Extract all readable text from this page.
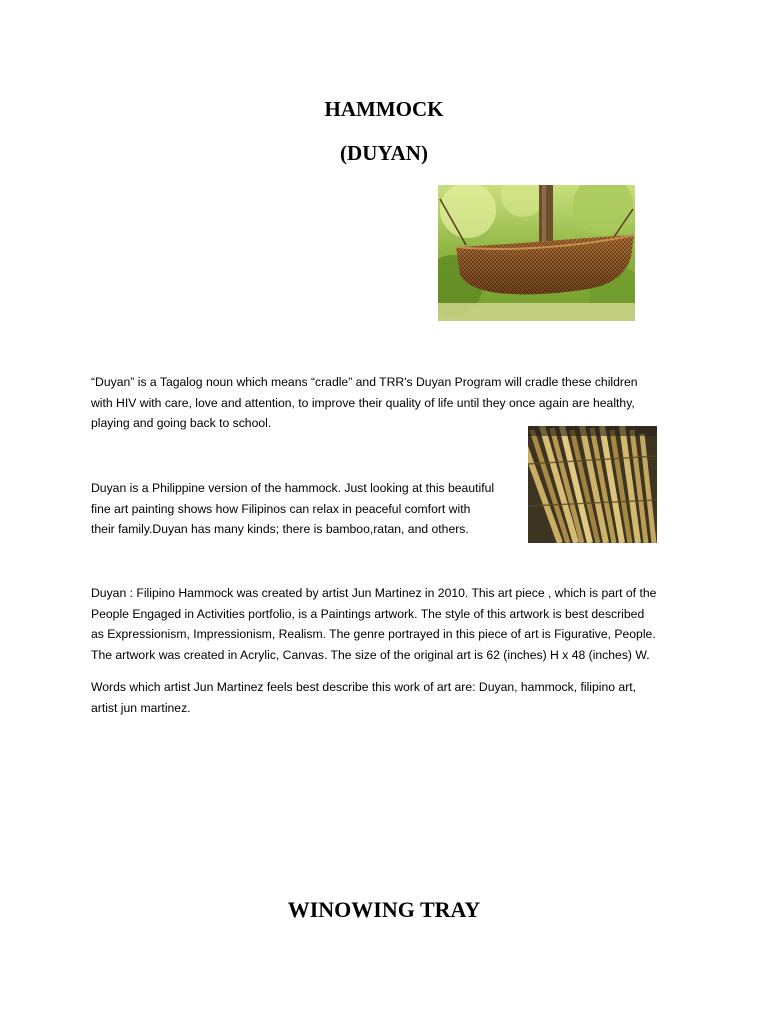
HAMMOCK
(DUYAN)

“Duyan” is a Tagalog noun which means “cradle” and TRR's Duyan Program will cradle these children
with HIV with care, love and attention, to improve their quality of life until they once again are healthy,
playing and going back to school.

Duyan is a Philippine version of the hammock. Just looking at this beautiful
fine art painting shows how Filipinos can relax in peaceful comfort with
their family.Duyan has many kinds; there is bamboo,ratan, and others.

Duyan : Filipino Hammock was created by artist Jun Martinez in 2010. This art piece , which is part of the
People Engaged in Activities portfolio, is a Paintings artwork. The style of this artwork is best described
as Expressionism, Impressionism, Realism. The genre portrayed in this piece of art is Figurative, People.
The artwork was created in Acrylic, Canvas. The size of the original art is 62 (inches) H x 48 (inches) W.

Words which artist Jun Martinez feels best describe this work of art are: Duyan, hammock, filipino art,
artist jun martinez.

WINOWING TRAY
